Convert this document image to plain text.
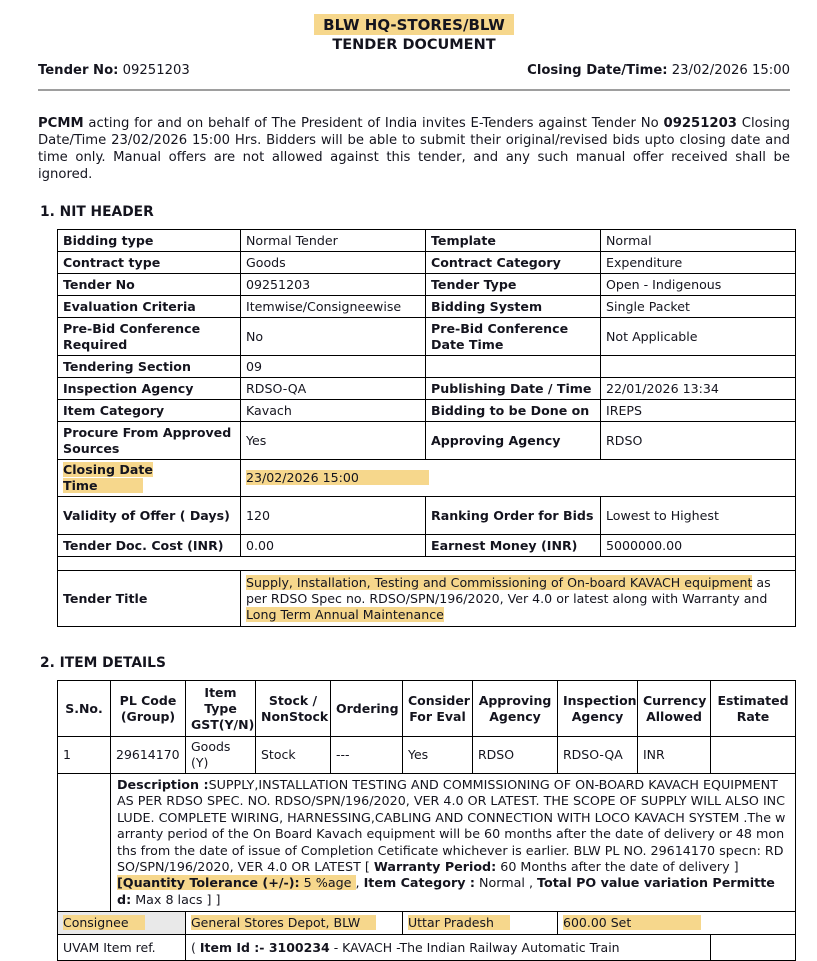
BLW HQ-STORES/BLW
TENDER DOCUMENT
Tender No: 09251203	Closing Date/Time: 23/02/2026 15:00

PCMM acting for and on behalf of The President of India invites E-Tenders against Tender No 09251203 Closing Date/Time 23/02/2026 15:00 Hrs. Bidders will be able to submit their original/revised bids upto closing date and time only. Manual offers are not allowed against this tender, and any such manual offer received shall be ignored.

1. NIT HEADER
Bidding type	Normal Tender	Template	Normal
Contract type	Goods	Contract Category	Expenditure
Tender No	09251203	Tender Type	Open - Indigenous
Evaluation Criteria	Itemwise/Consigneewise	Bidding System	Single Packet
Pre-Bid Conference Required	No	Pre-Bid Conference Date Time	Not Applicable
Tendering Section	09		
Inspection Agency	RDSO-QA	Publishing Date / Time	22/01/2026 13:34
Item Category	Kavach	Bidding to be Done on	IREPS
Procure From Approved Sources	Yes	Approving Agency	RDSO
Closing Date Time	23/02/2026 15:00		
Validity of Offer ( Days)	120	Ranking Order for Bids	Lowest to Highest
Tender Doc. Cost (INR)	0.00	Earnest Money (INR)	5000000.00

Tender Title	Supply, Installation, Testing and Commissioning of On-board KAVACH equipment as per RDSO Spec no. RDSO/SPN/196/2020, Ver 4.0 or latest along with Warranty and Long Term Annual Maintenance		
2. ITEM DETAILS
S.No.	PL Code (Group)	Item Type GST(Y/N)	Stock / NonStock	Ordering	Consider For Eval	Approving Agency	Inspection Agency	Currency Allowed	Estimated Rate
1	29614170	Goods (Y)	Stock	---	Yes	RDSO	RDSO-QA	INR	

	Description :SUPPLY,INSTALLATION TESTING AND COMMISSIONING OF ON-BOARD KAVACH EQUIPMENT AS PER RDSO SPEC. NO. RDSO/SPN/196/2020, VER 4.0 OR LATEST. THE SCOPE OF SUPPLY WILL ALSO INCLUDE. COMPLETE WIRING, HARNESSING,CABLING AND CONNECTION WITH LOCO KAVACH SYSTEM .The warranty period of the On Board Kavach equipment will be 60 months after the date of delivery or 48 months from the date of issue of Completion Cetificate whichever is earlier. BLW PL NO. 29614170 specn: RDSO/SPN/196/2020, VER 4.0 OR LATEST [ Warranty Period: 60 Months after the date of delivery ]
[Quantity Tolerance (+/-): 5 %age , Item Category : Normal , Total PO value variation Permitted: Max 8 lacs ] ]								

Consignee		General Stores Depot, BLW			Uttar Pradesh		600.00 Set		
UVAM Item ref.		( Item Id :- 3100234 - KAVACH -The Indian Railway Automatic Train							
